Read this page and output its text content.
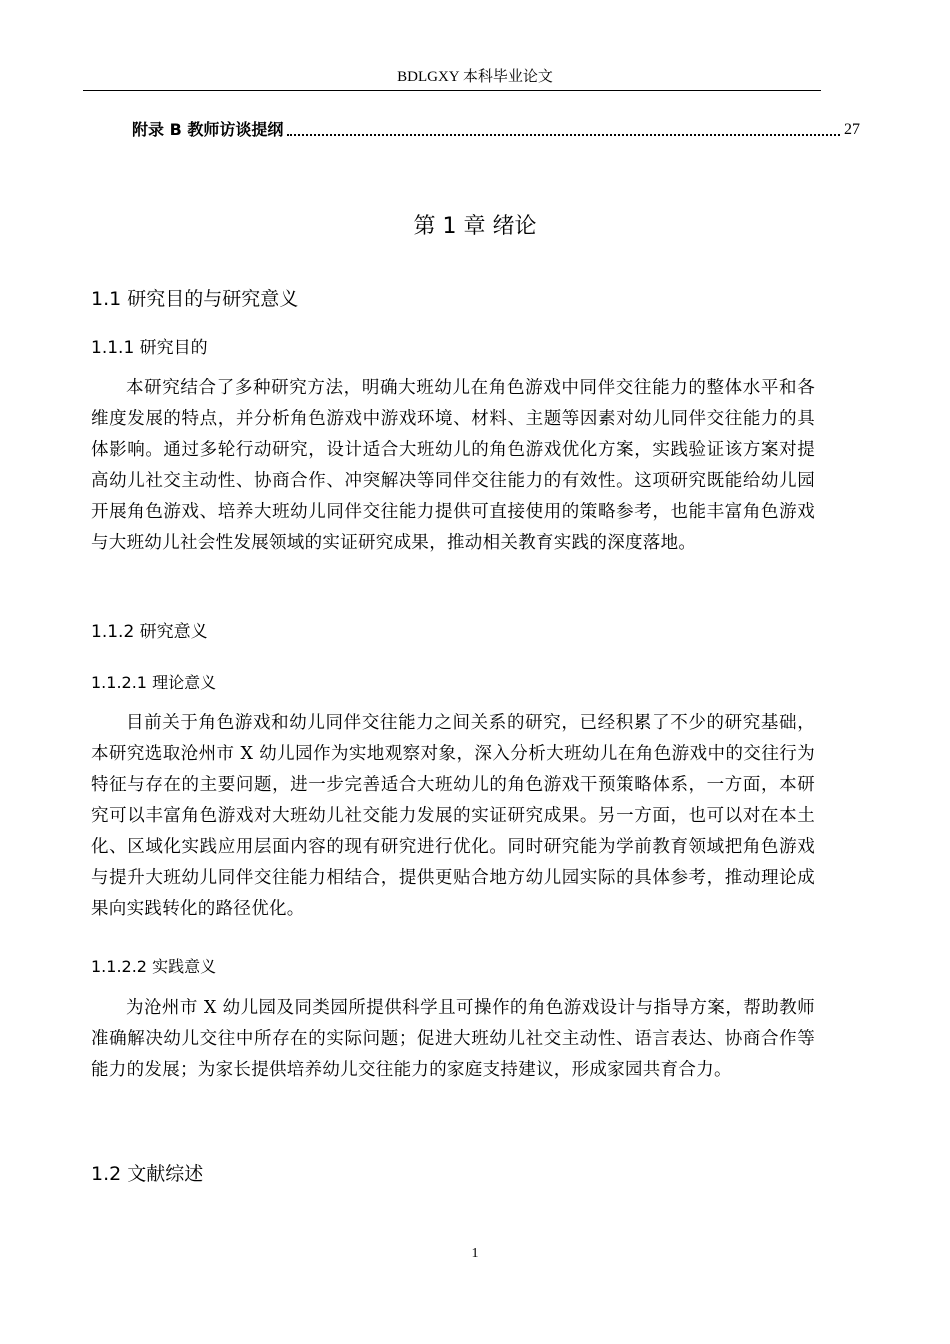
BDLGXY 本科毕业论文
附录 B 教师访谈提纲	27
第 1 章 绪论
1.1 研究目的与研究意义
1.1.1 研究目的
本研究结合了多种研究方法，明确大班幼儿在角色游戏中同伴交往能力的整体水平和各维度发展的特点，并分析角色游戏中游戏环境、材料、主题等因素对幼儿同伴交往能力的具体影响。通过多轮行动研究，设计适合大班幼儿的角色游戏优化方案，实践验证该方案对提高幼儿社交主动性、协商合作、冲突解决等同伴交往能力的有效性。这项研究既能给幼儿园开展角色游戏、培养大班幼儿同伴交往能力提供可直接使用的策略参考，也能丰富角色游戏与大班幼儿社会性发展领域的实证研究成果，推动相关教育实践的深度落地。
1.1.2 研究意义
1.1.2.1 理论意义
目前关于角色游戏和幼儿同伴交往能力之间关系的研究，已经积累了不少的研究基础，本研究选取沧州市 X 幼儿园作为实地观察对象，深入分析大班幼儿在角色游戏中的交往行为特征与存在的主要问题，进一步完善适合大班幼儿的角色游戏干预策略体系，一方面，本研究可以丰富角色游戏对大班幼儿社交能力发展的实证研究成果。另一方面，也可以对在本土化、区域化实践应用层面内容的现有研究进行优化。同时研究能为学前教育领域把角色游戏与提升大班幼儿同伴交往能力相结合，提供更贴合地方幼儿园实际的具体参考，推动理论成果向实践转化的路径优化。
1.1.2.2 实践意义
为沧州市 X 幼儿园及同类园所提供科学且可操作的角色游戏设计与指导方案，帮助教师准确解决幼儿交往中所存在的实际问题；促进大班幼儿社交主动性、语言表达、协商合作等能力的发展；为家长提供培养幼儿交往能力的家庭支持建议，形成家园共育合力。
1.2 文献综述
1
